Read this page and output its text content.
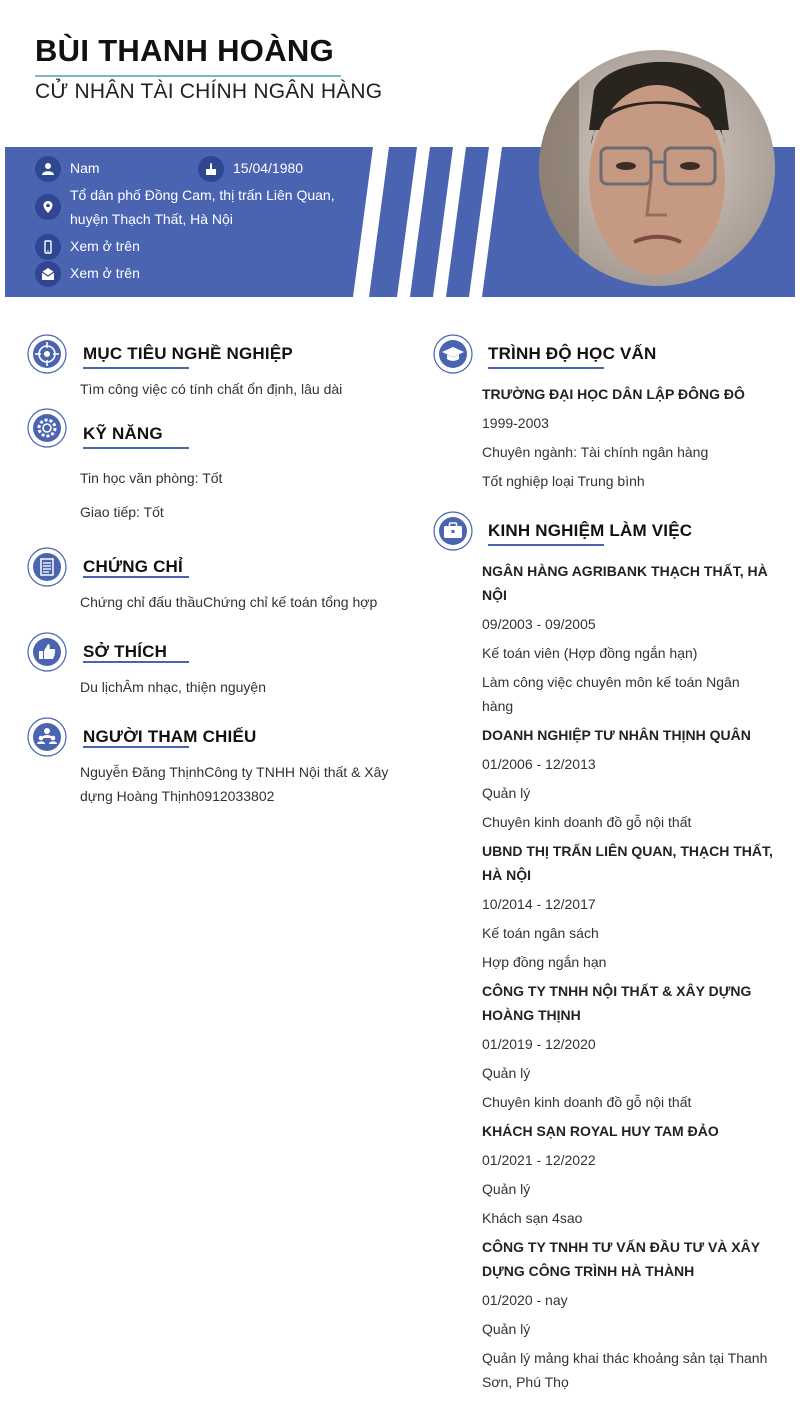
BÙI THANH HOÀNG
CỬ NHÂN TÀI CHÍNH NGÂN HÀNG
Nam	15/04/1980
Tổ dân phố Đồng Cam, thị trấn Liên Quan,
huyện Thạch Thất, Hà Nội
Xem ở trên
Xem ở trên
MỤC TIÊU NGHỀ NGHIỆP
Tìm công việc có tính chất ổn định, lâu dài
KỸ NĂNG
Tin học văn phòng: Tốt
Giao tiếp: Tốt
CHỨNG CHỈ
Chứng chỉ đấu thầuChứng chỉ kế toán tổng hợp
SỞ THÍCH
Du lịchÂm nhạc, thiện nguyện
NGƯỜI THAM CHIẾU
Nguyễn Đăng ThịnhCông ty TNHH Nội thất & Xây
dựng Hoàng Thịnh0912033802
TRÌNH ĐỘ HỌC VẤN
TRƯỜNG ĐẠI HỌC DÂN LẬP ĐÔNG ĐÔ
1999-2003
Chuyên ngành: Tài chính ngân hàng
Tốt nghiệp loại Trung bình
KINH NGHIỆM LÀM VIỆC
NGÂN HÀNG AGRIBANK THẠCH THẤT, HÀ
NỘI
09/2003 - 09/2005
Kế toán viên (Hợp đồng ngắn hạn)
Làm công việc chuyên môn kế toán Ngân
hàng
DOANH NGHIỆP TƯ NHÂN THỊNH QUÂN
01/2006 - 12/2013
Quản lý
Chuyên kinh doanh đồ gỗ nội thất
UBND THỊ TRẤN LIÊN QUAN, THẠCH THẤT,
HÀ NỘI
10/2014 - 12/2017
Kế toán ngân sách
Hợp đồng ngắn hạn
CÔNG TY TNHH NỘI THẤT & XÂY DỰNG
HOÀNG THỊNH
01/2019 - 12/2020
Quản lý
Chuyên kinh doanh đồ gỗ nội thất
KHÁCH SẠN ROYAL HUY TAM ĐẢO
01/2021 - 12/2022
Quản lý
Khách sạn 4sao
CÔNG TY TNHH TƯ VẤN ĐẦU TƯ VÀ XÂY
DỰNG CÔNG TRÌNH HÀ THÀNH
01/2020 - nay
Quản lý
Quản lý mảng khai thác khoảng sản tại Thanh
Sơn, Phú Thọ
